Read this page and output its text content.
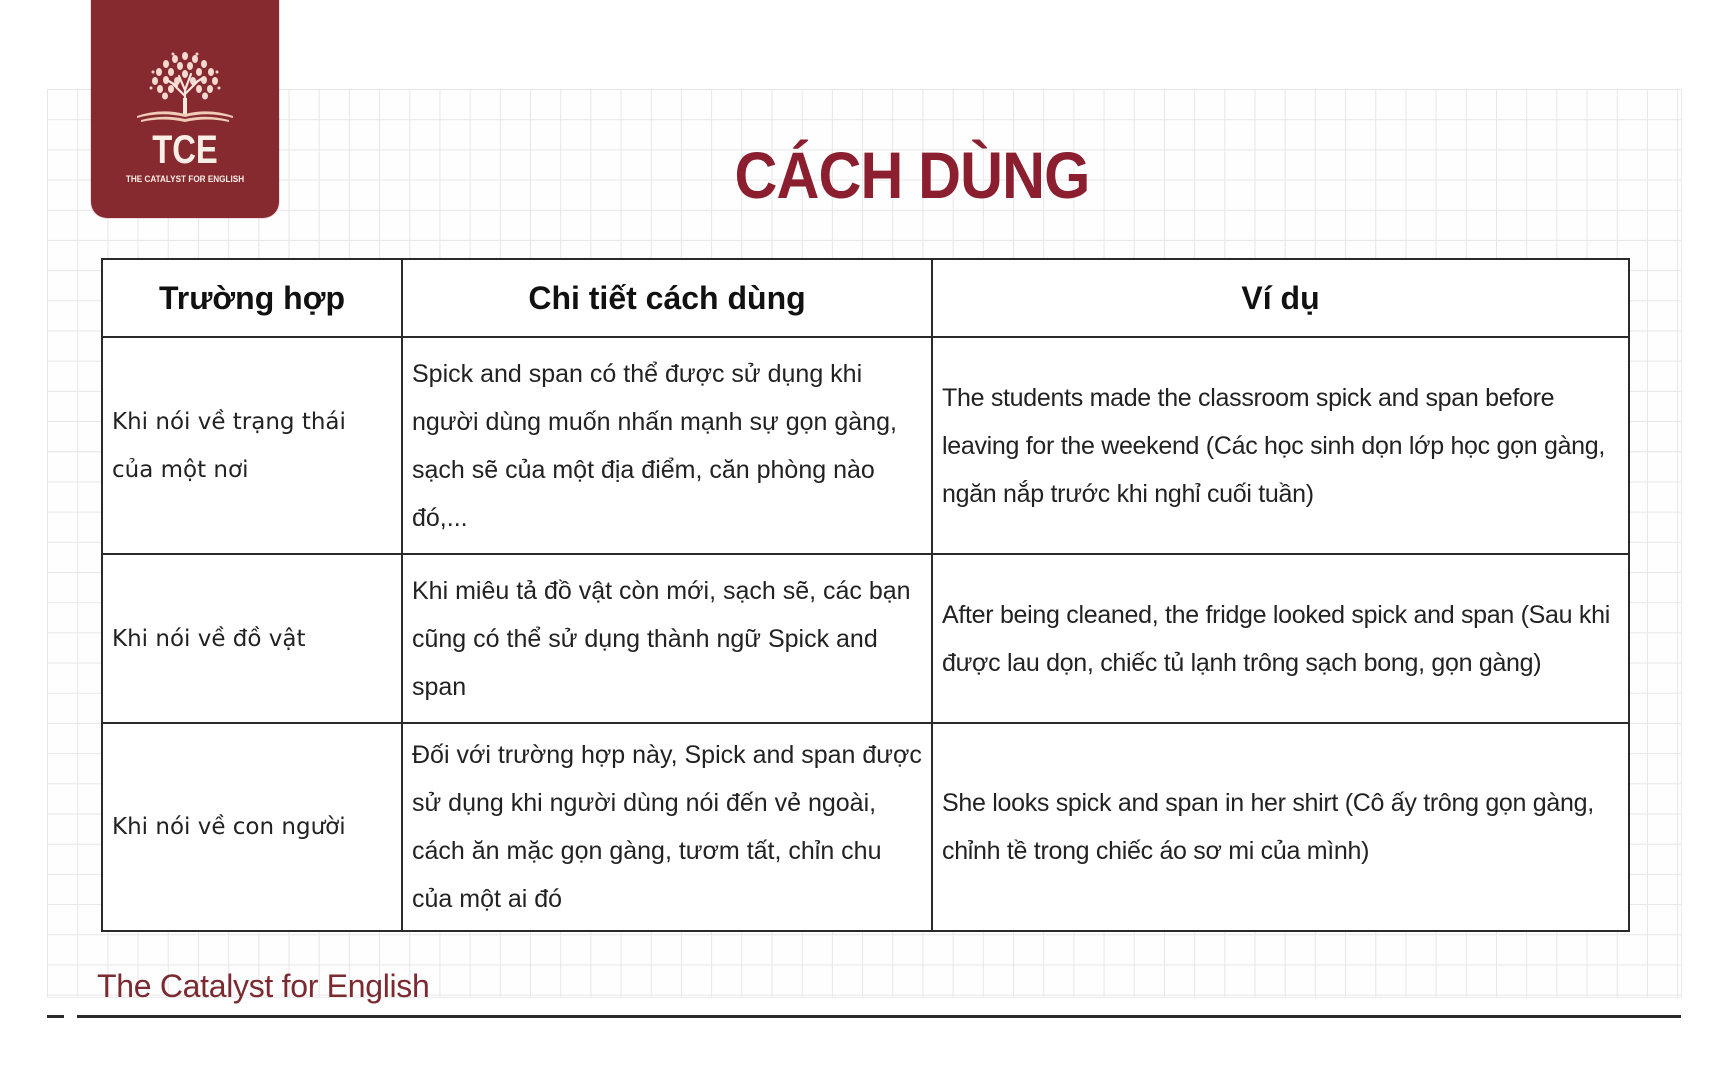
TCE
THE CATALYST FOR ENGLISH	CÁCH DÙNG
Trường hợp	Chi tiết cách dùng	Ví dụ
Khi nói về trạng thái của một nơi	Spick and span có thể được sử dụng khi người dùng muốn nhấn mạnh sự gọn gàng, sạch sẽ của một địa điểm, căn phòng nào đó,...	The students made the classroom spick and span before leaving for the weekend (Các học sinh dọn lớp học gọn gàng, ngăn nắp trước khi nghỉ cuối tuần)
Khi nói về đồ vật	Khi miêu tả đồ vật còn mới, sạch sẽ, các bạn cũng có thể sử dụng thành ngữ Spick and span	After being cleaned, the fridge looked spick and span (Sau khi được lau dọn, chiếc tủ lạnh trông sạch bong, gọn gàng)
Khi nói về con người	Đối với trường hợp này, Spick and span được sử dụng khi người dùng nói đến vẻ ngoài, cách ăn mặc gọn gàng, tươm tất, chỉn chu của một ai đó	She looks spick and span in her shirt (Cô ấy trông gọn gàng, chỉnh tề trong chiếc áo sơ mi của mình)
The Catalyst for English
